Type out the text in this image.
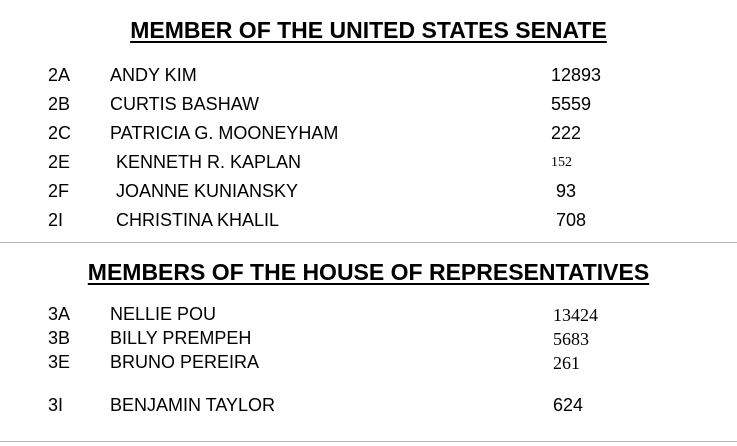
MEMBER OF THE UNITED STATES SENATE
2A ANDY KIM	12893
2B CURTIS BASHAW	5559
2C PATRICIA G. MOONEYHAM	222
2E	KENNETH R. KAPLAN	152
2F	JOANNE KUNIANSKY	93
2I	CHRISTINA KHALIL	708
MEMBERS OF THE HOUSE OF REPRESENTATIVES
3A NELLIE POU	13424
3B BILLY PREMPEH	5683
3E BRUNO PEREIRA	261
3I	BENJAMIN TAYLOR	624
